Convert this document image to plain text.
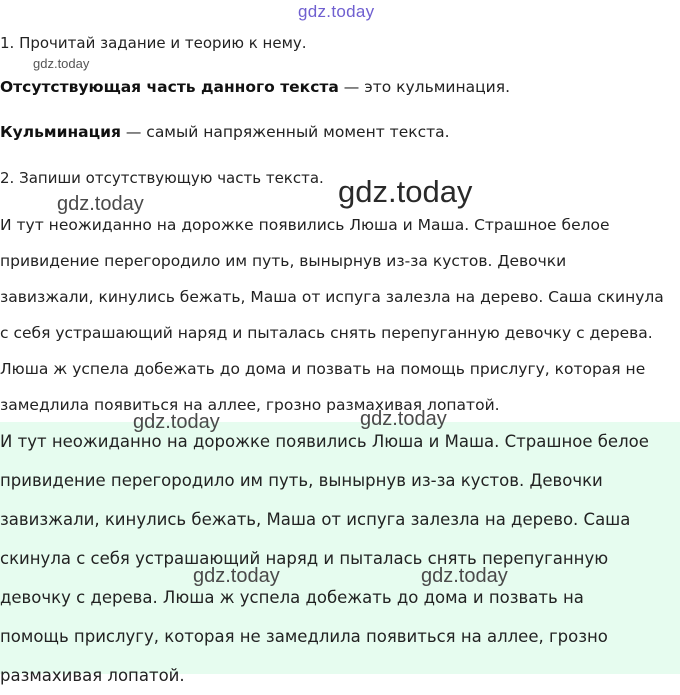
gdz.today
gdz.today
1. Прочитай задание и теорию к нему.
Отсутствующая часть данного текста — это кульминация.
Кульминация — самый напряженный момент текста.
2. Запиши отсутствующую часть текста.
И тут неожиданно на дорожке появились Люша и Маша. Страшное белое
привидение перегородило им путь, вынырнув из-за кустов. Девочки
завизжали, кинулись бежать, Маша от испуга залезла на дерево. Саша скинула
с себя устрашающий наряд и пыталась снять перепуганную девочку с дерева.
Люша ж успела добежать до дома и позвать на помощь прислугу, которая не
замедлила появиться на аллее, грозно размахивая лопатой.
И тут неожиданно на дорожке появились Люша и Маша. Страшное белое
привидение перегородило им путь, вынырнув из-за кустов. Девочки
завизжали, кинулись бежать, Маша от испуга залезла на дерево. Саша
скинула с себя устрашающий наряд и пыталась снять перепуганную
девочку с дерева. Люша ж успела добежать до дома и позвать на
помощь прислугу, которая не замедлила появиться на аллее, грозно
размахивая лопатой.
gdz.today
gdz.today
gdz.today
gdz.today
gdz.today	gdz.today
